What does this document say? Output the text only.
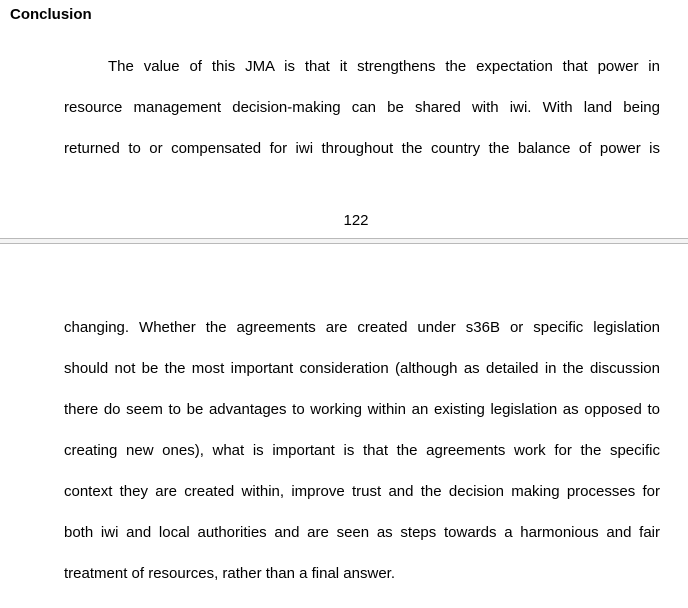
Conclusion
The value of this JMA is that it strengthens the expectation that power in
resource management decision-making can be shared with iwi. With land being
returned to or compensated for iwi throughout the country the balance of power is
122
changing. Whether the agreements are created under s36B or specific legislation
should not be the most important consideration (although as detailed in the discussion
there do seem to be advantages to working within an existing legislation as opposed to
creating new ones), what is important is that the agreements work for the specific
context they are created within, improve trust and the decision making processes for
both iwi and local authorities and are seen as steps towards a harmonious and fair
treatment of resources, rather than a final answer.
